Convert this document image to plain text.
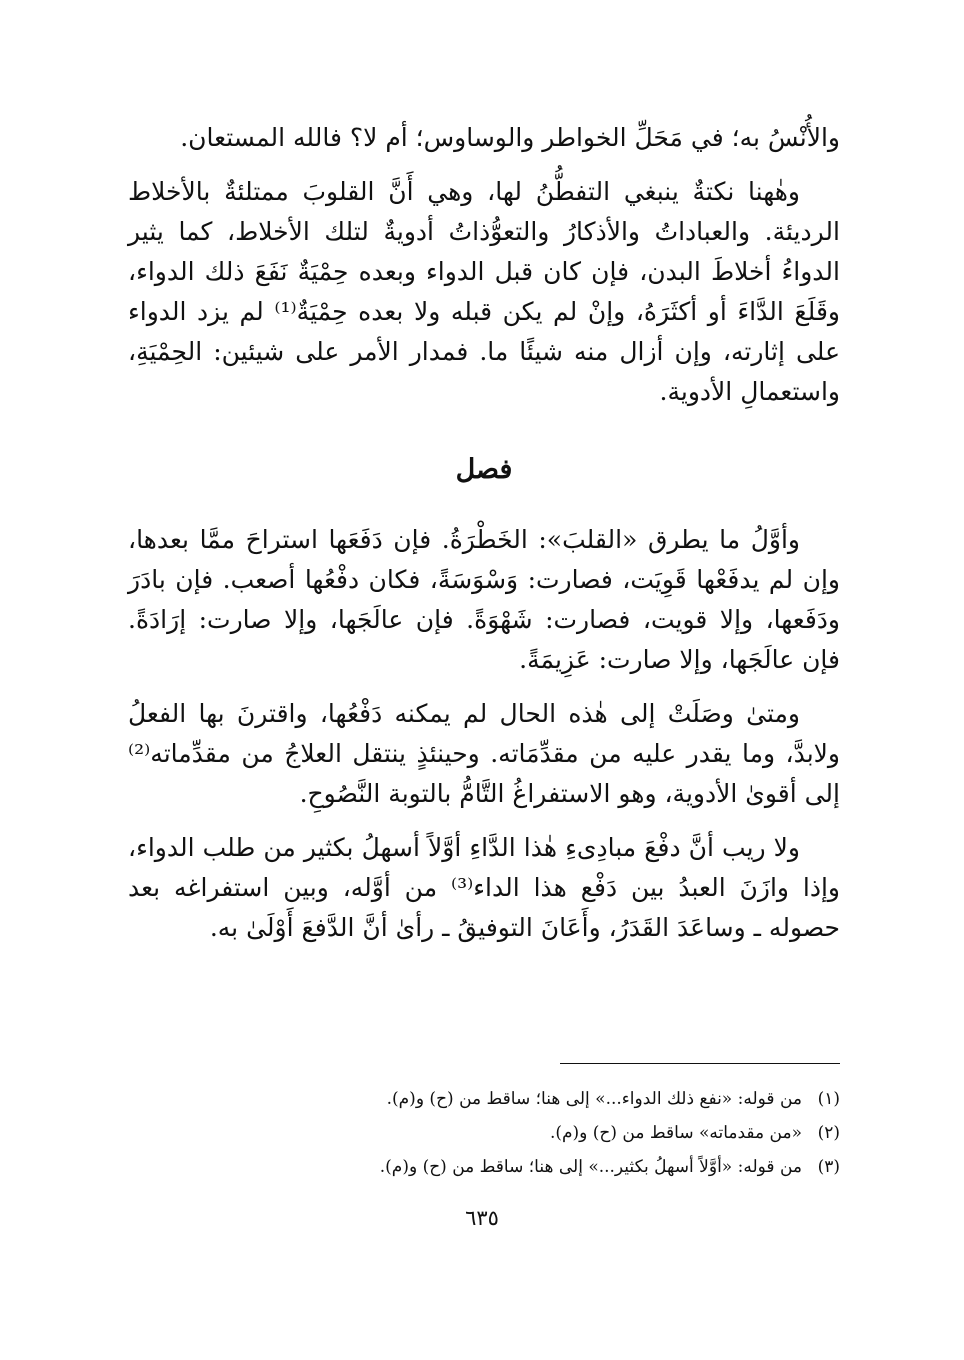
والأُنْسُ به؛ في مَحَلِّ الخواطر والوساوس؛ أم لا؟ فالله المستعان.

وهٰهنا نكتةٌ ينبغي التفطُّنُ لها، وهي أَنَّ القلوبَ ممتلئةٌ بالأخلاط الرديئة. والعباداتُ والأذكارُ والتعوُّذاتُ أدويةٌ لتلك الأخلاط، كما يثير الدواءُ أخلاطَ البدن، فإن كان قبل الدواء وبعده حِمْيَةٌ نَفَعَ ذلك الدواء، وقَلَعَ الدَّاءَ أو أكثَرَهُ، وإنْ لم يكن قبله ولا بعده حِمْيَةٌ⁽¹⁾ لم يزد الدواء على إثارته، وإن أزال منه شيئًا ما. فمدار الأمر على شيئين: الحِمْيَةِ، واستعمالِ الأدوية.

فصل

وأوَّلُ ما يطرق «القلبَ»: الخَطْرَةُ. فإن دَفَعَها استراحَ ممَّا بعدها، وإن لم يدفَعْها قَوِيَت، فصارت: وَسْوَسَةً، فكان دفْعُها أصعب. فإن بادَرَ ودَفَعها، وإلا قويت، فصارت: شَهْوَةً. فإن عالَجَها، وإلا صارت: إرَادَةً. فإن عالَجَها، وإلا صارت: عَزِيمَةً.

ومتىٰ وصَلَتْ إلى هٰذه الحال لم يمكنه دَفْعُها، واقترنَ بها الفعلُ ولابدَّ، وما يقدر عليه من مقدِّمَاته. وحينئذٍ ينتقل العلاجُ من مقدِّماته⁽²⁾ إلى أقوىٰ الأدوية، وهو الاستفراغُ التَّامُّ بالتوبة النَّصُوحِ.

ولا ريب أنَّ دفْعَ مبادِىءِ هٰذا الدَّاءِ أوَّلاً أسهلُ بكثير من طلب الدواء، وإذا وازَنَ العبدُ بين دَفْع هذا الداء⁽³⁾ من أوَّله، وبين استفراغه بعد حصوله ـ وساعَدَ القَدَرُ، وأَعَانَ التوفيقُ ـ رأىٰ أنَّ الدَّفعَ أَوْلَىٰ به.

(١)
من قوله: «نفع ذلك الدواء...» إلى هنا؛ ساقط من (ح) و(م).
(٢)
«من مقدماته» ساقط من (ح) و(م).
(٣)
من قوله: «أوَّلاً أسهلُ بكثير...» إلى هنا؛ ساقط من (ح) و(م).
٦٣٥
